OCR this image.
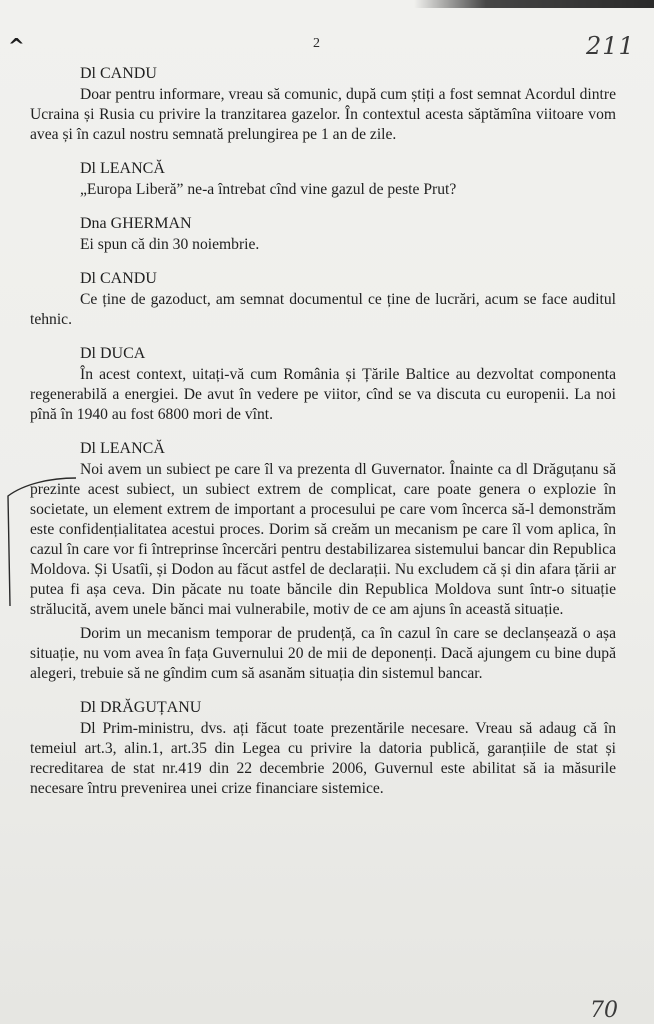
^	2	211
Dl CANDU

Doar pentru informare, vreau să comunic, după cum știți a fost semnat Acordul dintre Ucraina și Rusia cu privire la tranzitarea gazelor. În contextul acesta săptămîna viitoare vom avea și în cazul nostru semnată prelungirea pe 1 an de zile.

Dl LEANCĂ

„Europa Liberă” ne-a întrebat cînd vine gazul de peste Prut?

Dna GHERMAN

Ei spun că din 30 noiembrie.

Dl CANDU

Ce ține de gazoduct, am semnat documentul ce ține de lucrări, acum se face auditul tehnic.

Dl DUCA

În acest context, uitați-vă cum România și Țările Baltice au dezvoltat componenta regenerabilă a energiei. De avut în vedere pe viitor, cînd se va discuta cu europenii. La noi pînă în 1940 au fost 6800 mori de vînt.

Dl LEANCĂ

Noi avem un subiect pe care îl va prezenta dl Guvernator. Înainte ca dl Drăguțanu să prezinte acest subiect, un subiect extrem de complicat, care poate genera o explozie în societate, un element extrem de important a procesului pe care vom încerca să-l demonstrăm este confidențialitatea acestui proces. Dorim să creăm un mecanism pe care îl vom aplica, în cazul în care vor fi întreprinse încercări pentru destabilizarea sistemului bancar din Republica Moldova. Și Usatîi, și Dodon au făcut astfel de declarații. Nu excludem că și din afara țării ar putea fi așa ceva. Din păcate nu toate băncile din Republica Moldova sunt într-o situație strălucită, avem unele bănci mai vulnerabile, motiv de ce am ajuns în această situație.

Dorim un mecanism temporar de prudență, ca în cazul în care se declanșează o așa situație, nu vom avea în fața Guvernului 20 de mii de deponenți. Dacă ajungem cu bine după alegeri, trebuie să ne gîndim cum să asanăm situația din sistemul bancar.

Dl DRĂGUȚANU

Dl Prim-ministru, dvs. ați făcut toate prezentările necesare. Vreau să adaug că în temeiul art.3, alin.1, art.35 din Legea cu privire la datoria publică, garanțiile de stat și recreditarea de stat nr.419 din 22 decembrie 2006, Guvernul este abilitat să ia măsurile necesare întru prevenirea unei crize financiare sistemice.

70
